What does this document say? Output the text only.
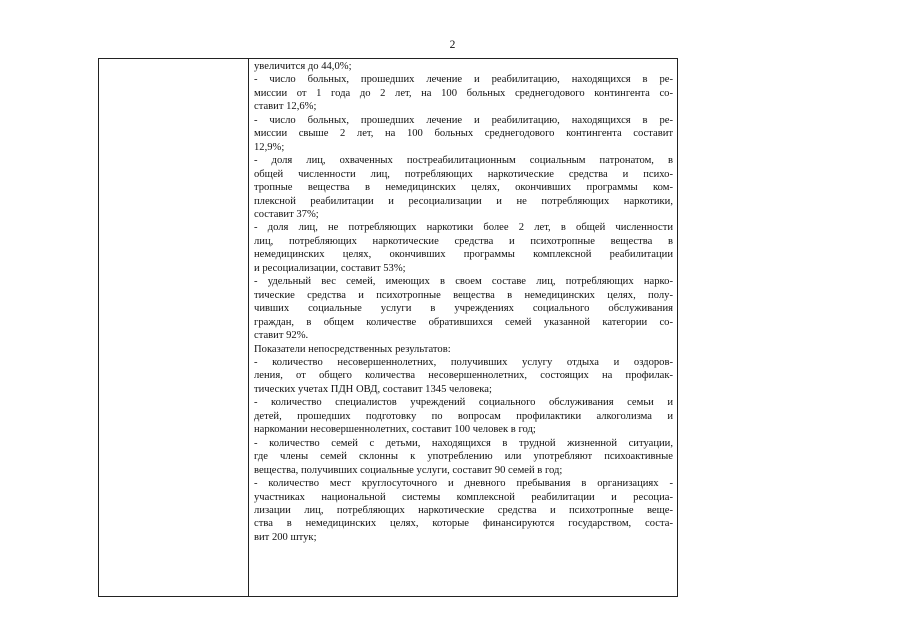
2
увеличится до 44,0%;
- число больных, прошедших лечение и реабилитацию, находящихся в ре-
миссии от 1 года до 2 лет, на 100 больных среднегодового контингента со-
ставит 12,6%;
- число больных, прошедших лечение и реабилитацию, находящихся в ре-
миссии свыше 2 лет, на 100 больных среднегодового контингента составит
12,9%;
- доля лиц, охваченных постреабилитационным социальным патронатом, в
общей численности лиц, потребляющих наркотические средства и психо-
тропные вещества в немедицинских целях, окончивших программы ком-
плексной реабилитации и ресоциализации и не потребляющих наркотики,
составит 37%;
- доля лиц, не потребляющих наркотики более 2 лет, в общей численности
лиц, потребляющих наркотические средства и психотропные вещества в
немедицинских целях, окончивших программы комплексной реабилитации
и ресоциализации, составит 53%;
- удельный вес семей, имеющих в своем составе лиц, потребляющих нарко-
тические средства и психотропные вещества в немедицинских целях, полу-
чивших социальные услуги в учреждениях социального обслуживания
граждан, в общем количестве обратившихся семей указанной категории со-
ставит 92%.
Показатели непосредственных результатов:
- количество несовершеннолетних, получивших услугу отдыха и оздоров-
ления, от общего количества несовершеннолетних, состоящих на профилак-
тических учетах ПДН ОВД, составит 1345 человека;
- количество специалистов учреждений социального обслуживания семьи и
детей, прошедших подготовку по вопросам профилактики алкоголизма и
наркомании несовершеннолетних, составит 100 человек в год;
- количество семей с детьми, находящихся в трудной жизненной ситуации,
где члены семей склонны к употреблению или употребляют психоактивные
вещества, получивших социальные услуги, составит 90 семей в год;
- количество мест круглосуточного и дневного пребывания в организациях -
участниках национальной системы комплексной реабилитации и ресоциа-
лизации лиц, потребляющих наркотические средства и психотропные веще-
ства в немедицинских целях, которые финансируются государством, соста-
вит 200 штук;
